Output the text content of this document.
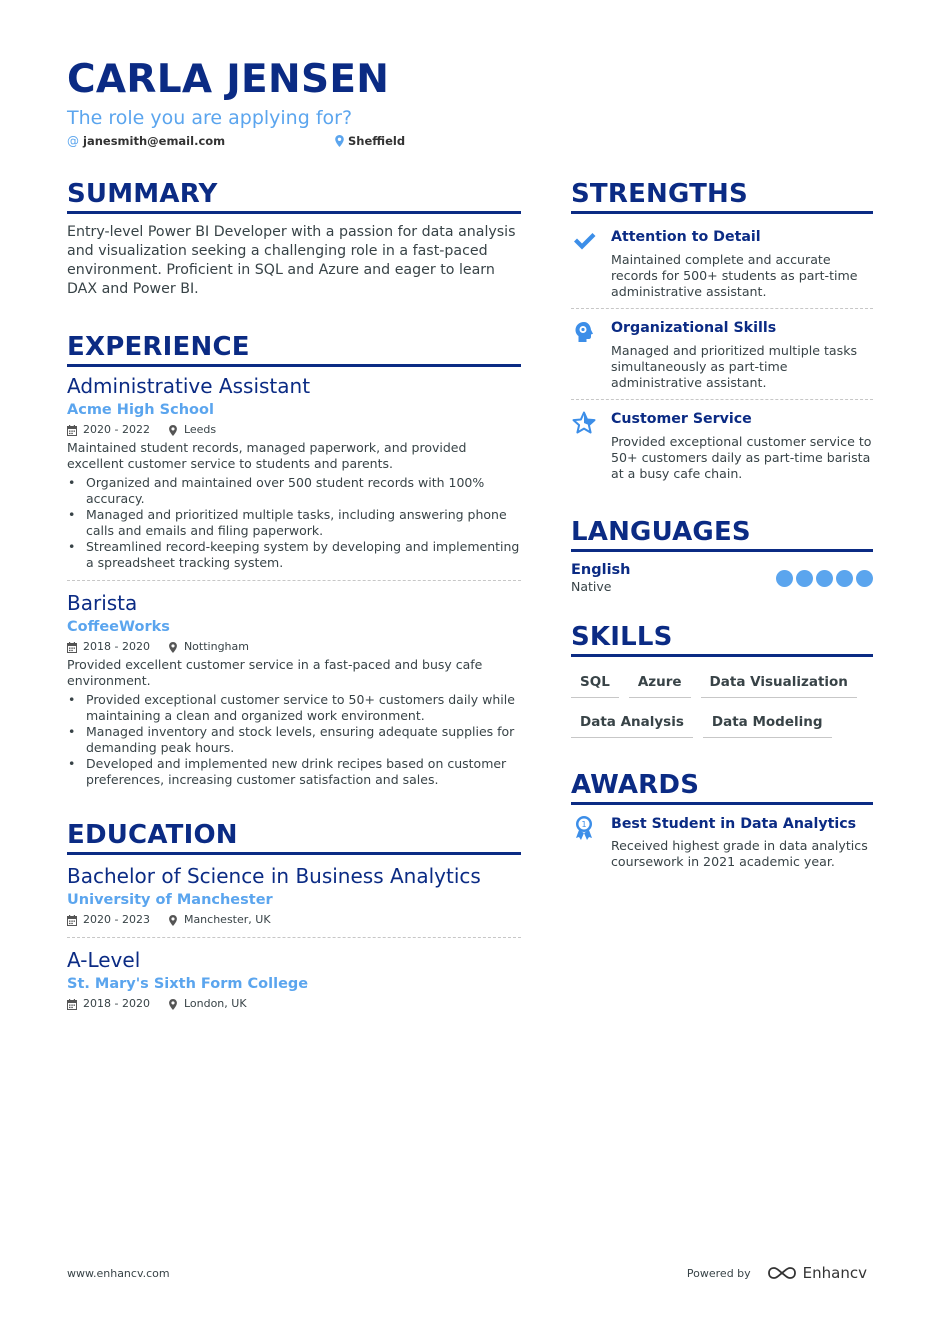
CARLA JENSEN
The role you are applying for?
@ janesmith@email.com	Sheffield
SUMMARY
Entry-level Power BI Developer with a passion for data analysis and visualization seeking a challenging role in a fast-paced environment. Proficient in SQL and Azure and eager to learn DAX and Power BI.
EXPERIENCE
Administrative Assistant
Acme High School
2020 - 2022	Leeds
Maintained student records, managed paperwork, and provided excellent customer service to students and parents.
• Organized and maintained over 500 student records with 100% accuracy.
• Managed and prioritized multiple tasks, including answering phone calls and emails and filing paperwork.
• Streamlined record-keeping system by developing and implementing a spreadsheet tracking system.
Barista
CoffeeWorks
2018 - 2020	Nottingham
Provided excellent customer service in a fast-paced and busy cafe environment.
• Provided exceptional customer service to 50+ customers daily while maintaining a clean and organized work environment.
• Managed inventory and stock levels, ensuring adequate supplies for demanding peak hours.
• Developed and implemented new drink recipes based on customer preferences, increasing customer satisfaction and sales.
EDUCATION
Bachelor of Science in Business Analytics
University of Manchester
2020 - 2023	Manchester, UK
A-Level
St. Mary's Sixth Form College
2018 - 2020	London, UK
STRENGTHS
Attention to Detail
Maintained complete and accurate records for 500+ students as part-time administrative assistant.
Organizational Skills
Managed and prioritized multiple tasks simultaneously as part-time administrative assistant.
Customer Service
Provided exceptional customer service to 50+ customers daily as part-time barista at a busy cafe chain.
LANGUAGES
English
Native
SKILLS
SQL	Azure	Data Visualization
Data Analysis	Data Modeling
AWARDS
1 Best Student in Data Analytics
Received highest grade in data analytics coursework in 2021 academic year.
www.enhancv.com	Powered by	Enhancv
